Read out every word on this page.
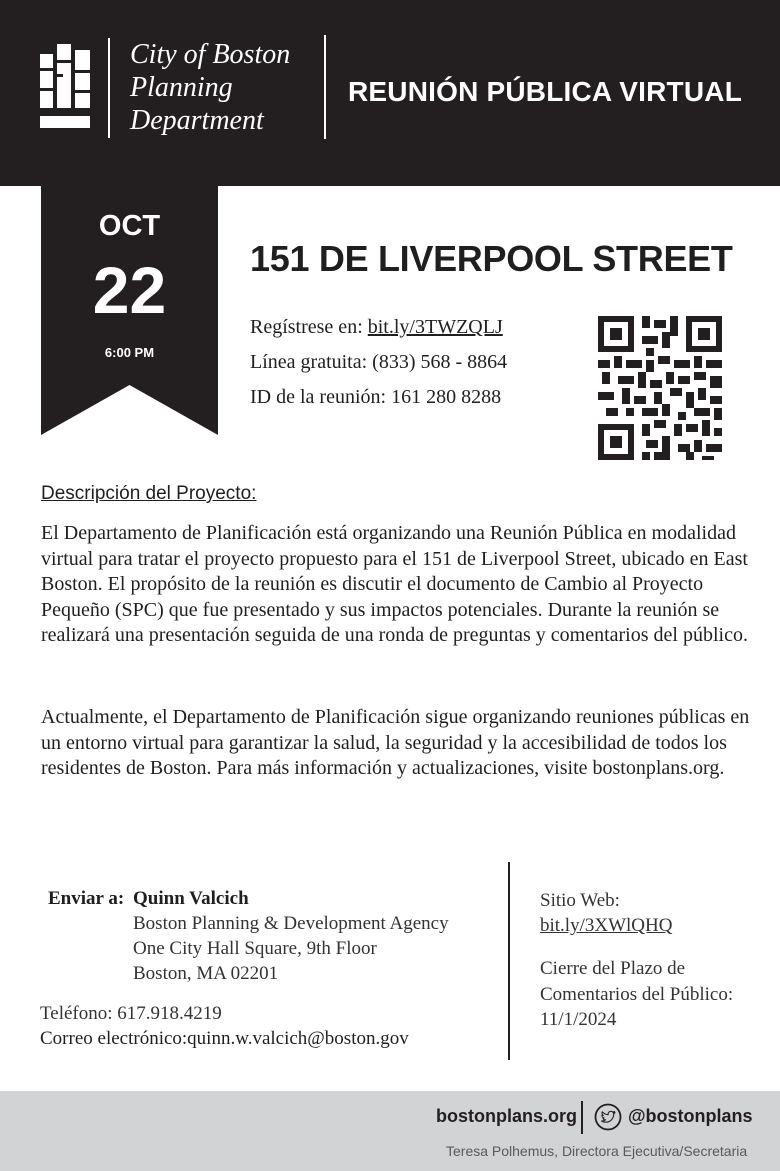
City of Boston
Planning
Department
REUNIÓN PÚBLICA VIRTUAL
OCT
22
6:00 PM
151 DE LIVERPOOL STREET
Regístrese en: bit.ly/3TWZQLJ
Línea gratuita: (833) 568 - 8864
ID de la reunión: 161 280 8288
Descripción del Proyecto:

El Departamento de Planificación está organizando una Reunión Pública en modalidad virtual para tratar el proyecto propuesto para el 151 de Liverpool Street, ubicado en East Boston. El propósito de la reunión es discutir el documento de Cambio al Proyecto Pequeño (SPC) que fue presentado y sus impactos potenciales. Durante la reunión se realizará una presentación seguida de una ronda de preguntas y comentarios del público.

Actualmente, el Departamento de Planificación sigue organizando reuniones públicas en un entorno virtual para garantizar la salud, la seguridad y la accesibilidad de todos los residentes de Boston. Para más información y actualizaciones, visite bostonplans.org.

Enviar a: Quinn Valcich
Boston Planning & Development Agency
One City Hall Square, 9th Floor
Boston, MA 02201
Teléfono: 617.918.4219
Correo electrónico:quinn.w.valcich@boston.gov
Sitio Web:
bit.ly/3XWlQHQ
Cierre del Plazo de
Comentarios del Público:
11/1/2024
bostonplans.org	@bostonplans
Teresa Polhemus, Directora Ejecutiva/Secretaria
